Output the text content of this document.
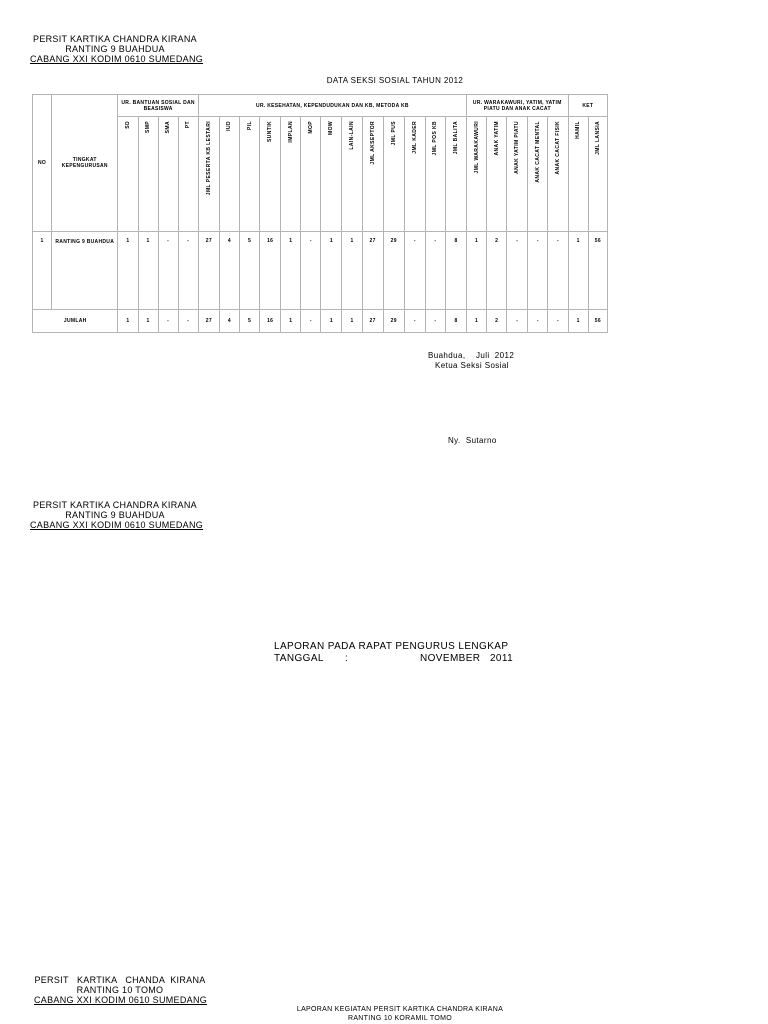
PERSIT KARTIKA CHANDRA KIRANA
RANTING 9 BUAHDUA
CABANG XXI KODIM 0610 SUMEDANG
DATA SEKSI SOSIAL TAHUN 2012
NO	TINGKAT KEPENGURUSAN	UR. BANTUAN SOSIAL DAN BEASISWA				UR. KESEHATAN, KEPENDUDUKAN DAN KB, METODA KB													UR. WARAKAWURI, YATIM, YATIM PIATU DAN ANAK CACAT					KET	

		SD	SMP	SMA	PT	JML PESERTA KB LESTARI	IUD	PIL	SUNTIK	IMPLAN	MOP	MOW	LAIN-LAIN	JML AKSEPTOR	JML PUS	JML KADER	JML POS KB	JML BALITA	JML WARAKAWURI	ANAK YATIM	ANAK YATIM PIATU	ANAK CACAT MENTAL	ANAK CACAT FISIK	HAMIL	JML LANSIA

1	RANTING 9 BUAHDUA	1	1	-	-	27	4	5	16	1	-	1	1	27	29	-	-	8	1	2	-	-	-	1	56
JUMLAH		1	1	-	-	27	4	5	16	1	-	1	1	27	29	-	-	8	1	2	-	-	-	1	56
Buahdua,    Juli  2012
Ketua Seksi Sosial
Ny.  Sutarno
PERSIT KARTIKA CHANDRA KIRANA
RANTING 9 BUAHDUA
CABANG XXI KODIM 0610 SUMEDANG
LAPORAN PADA RAPAT PENGURUS LENGKAP
TANGGAL :	NOVEMBER   2011
PERSIT   KARTIKA   CHANDA  KIRANA
RANTING 10 TOMO
CABANG XXI KODIM 0610 SUMEDANG
LAPORAN KEGIATAN PERSIT KARTIKA CHANDRA KIRANA
RANTING 10 KORAMIL TOMO
